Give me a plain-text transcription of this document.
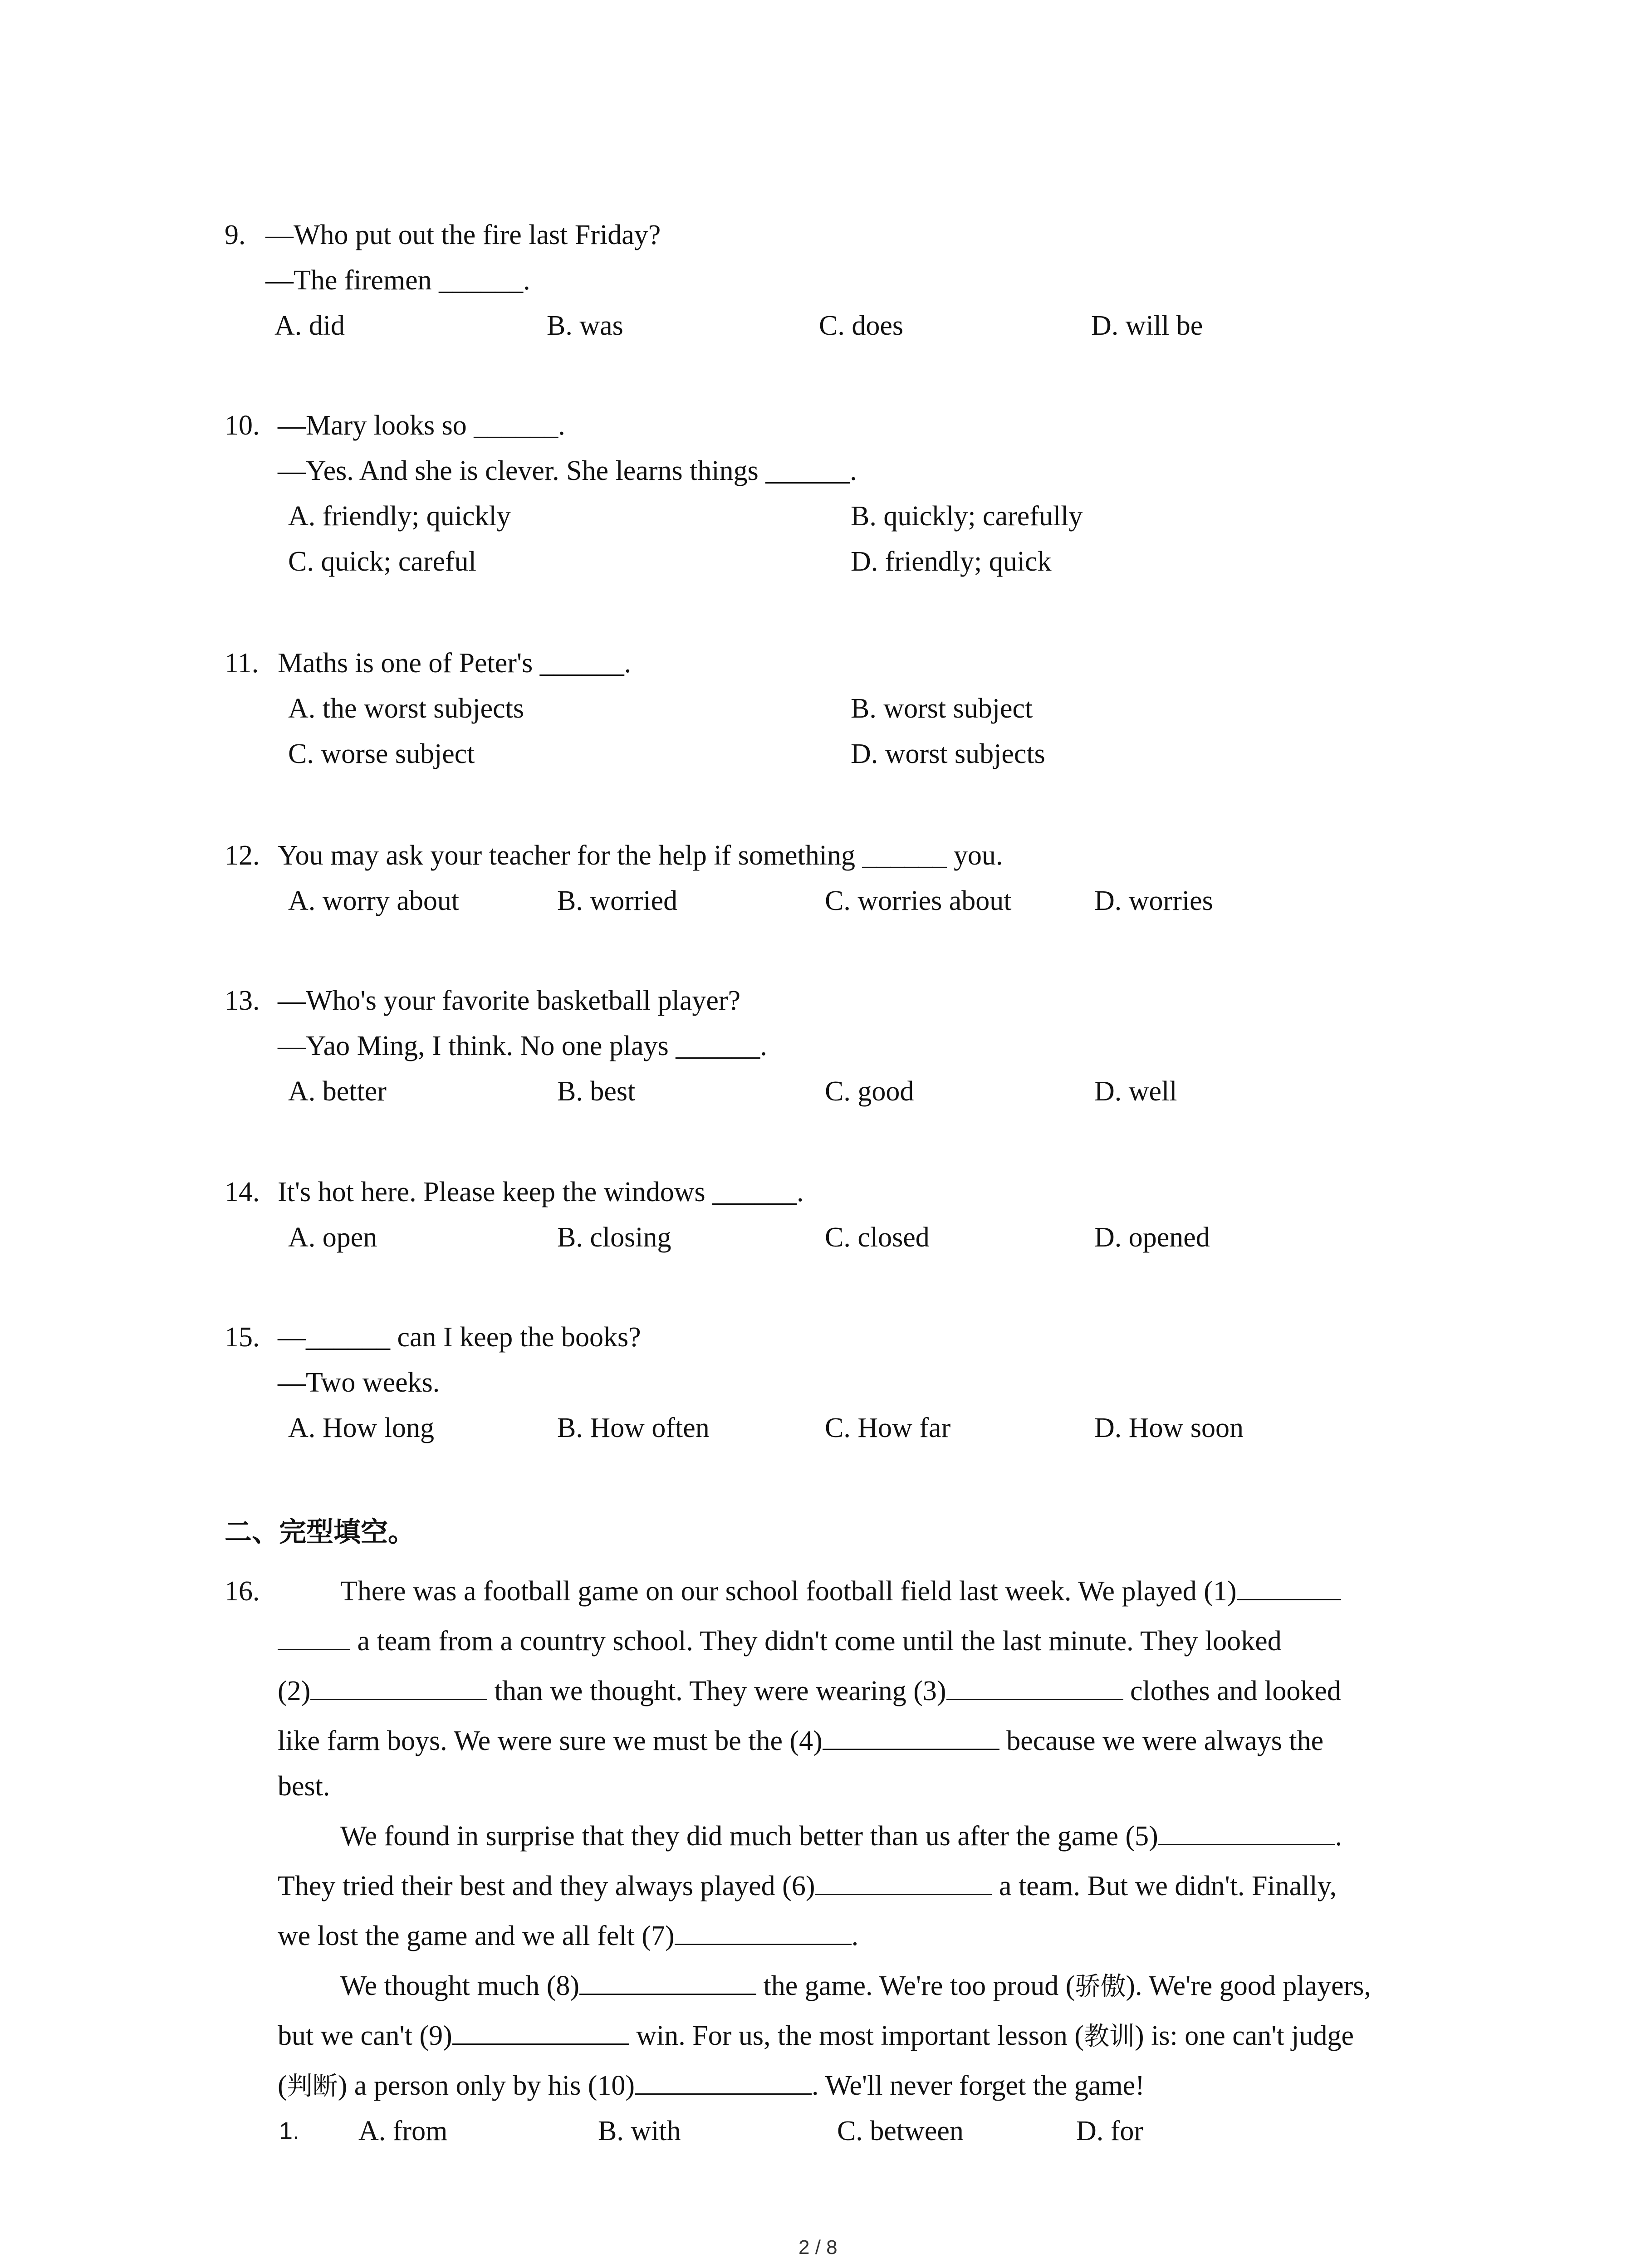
9. —Who put out the fire last Friday?
—The firemen ______.
A. did	B. was	C. does	D. will be
10. —Mary looks so ______.
—Yes. And she is clever. She learns things ______.
A. friendly; quickly	B. quickly; carefully
C. quick; careful	D. friendly; quick
11. Maths is one of Peter's ______.
A. the worst subjects	B. worst subject
C. worse subject	D. worst subjects
12. You may ask your teacher for the help if something ______ you.
A. worry about	B. worried	C. worries about	D. worries
13. —Who's your favorite basketball player?
—Yao Ming, I think. No one plays ______.
A. better	B. best	C. good	D. well
14. It's hot here. Please keep the windows ______.
A. open	B. closing	C. closed	D. opened
15. —______ can I keep the books?
—Two weeks.
A. How long	B. How often	C. How far	D. How soon
二、完型填空。
16.	There was a football game on our school football field last week. We played (1)
a team from a country school. They didn't come until the last minute. They looked
(2)	than we thought. They were wearing (3)	clothes and looked
like farm boys. We were sure we must be the (4)	because we were always the
best.
We found in surprise that they did much better than us after the game (5)	.
They tried their best and they always played (6)	a team. But we didn't. Finally,
we lost the game and we all felt (7)	.
We thought much (8)	the game. We're too proud (骄傲). We're good players,
but we can't (9)	win. For us, the most important lesson (教训) is: one can't judge
(判断) a person only by his (10)	. We'll never forget the game!
1. A. from	B. with	C. between	D. for
2 / 8
